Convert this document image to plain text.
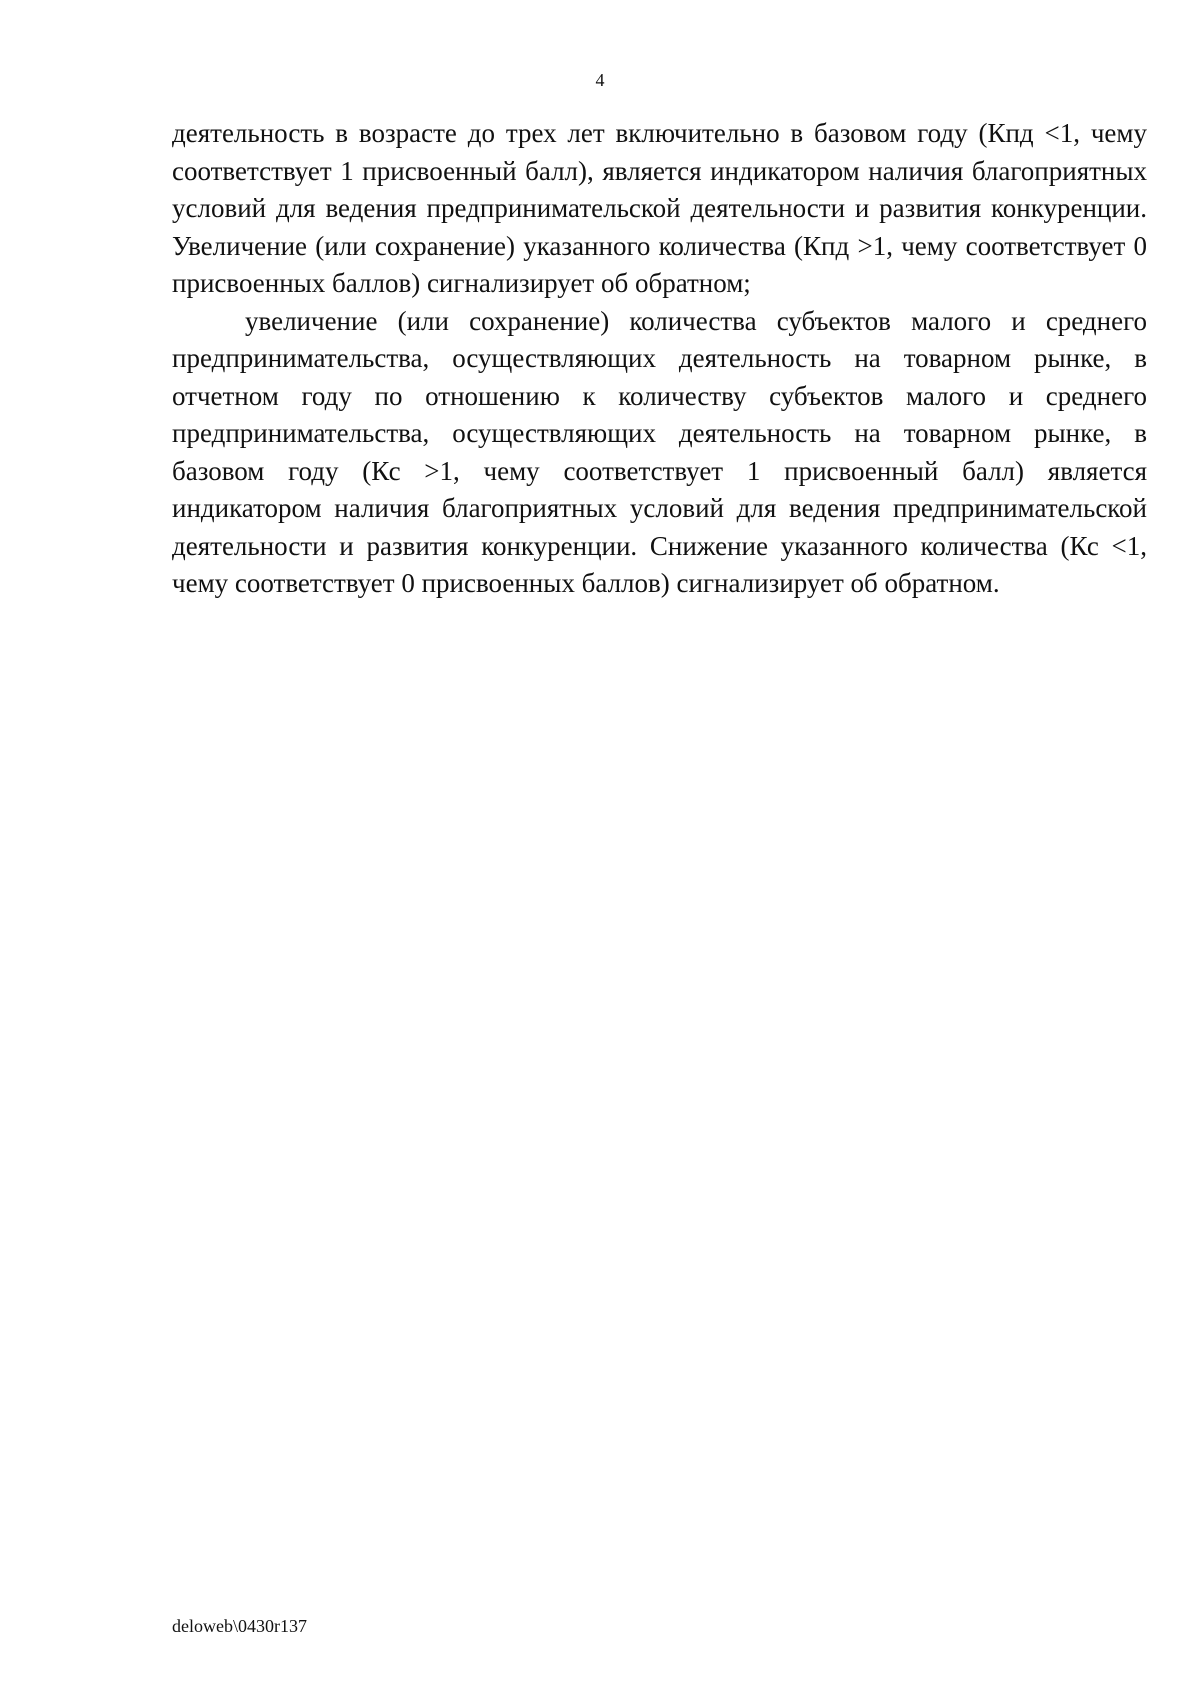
4

деятельность в возрасте до трех лет включительно в базовом году (Кпд <1, чему соответствует 1 присвоенный балл), является индикатором наличия благоприятных условий для ведения предпринимательской деятельности и развития конкуренции. Увеличение (или сохранение) указанного количества (Кпд >1, чему соответствует 0 присвоенных баллов) сигнализирует об обратном;

увеличение (или сохранение) количества субъектов малого и среднего предпринимательства, осуществляющих деятельность на товарном рынке, в отчетном году по отношению к количеству субъектов малого и среднего предпринимательства, осуществляющих деятельность на товарном рынке, в базовом году (Кс >1, чему соответствует 1 присвоенный балл) является индикатором наличия благоприятных условий для ведения предпринимательской деятельности и развития конкуренции. Снижение указанного количества (Кс <1, чему соответствует 0 присвоенных баллов) сигнализирует об обратном.

deloweb\0430r137
